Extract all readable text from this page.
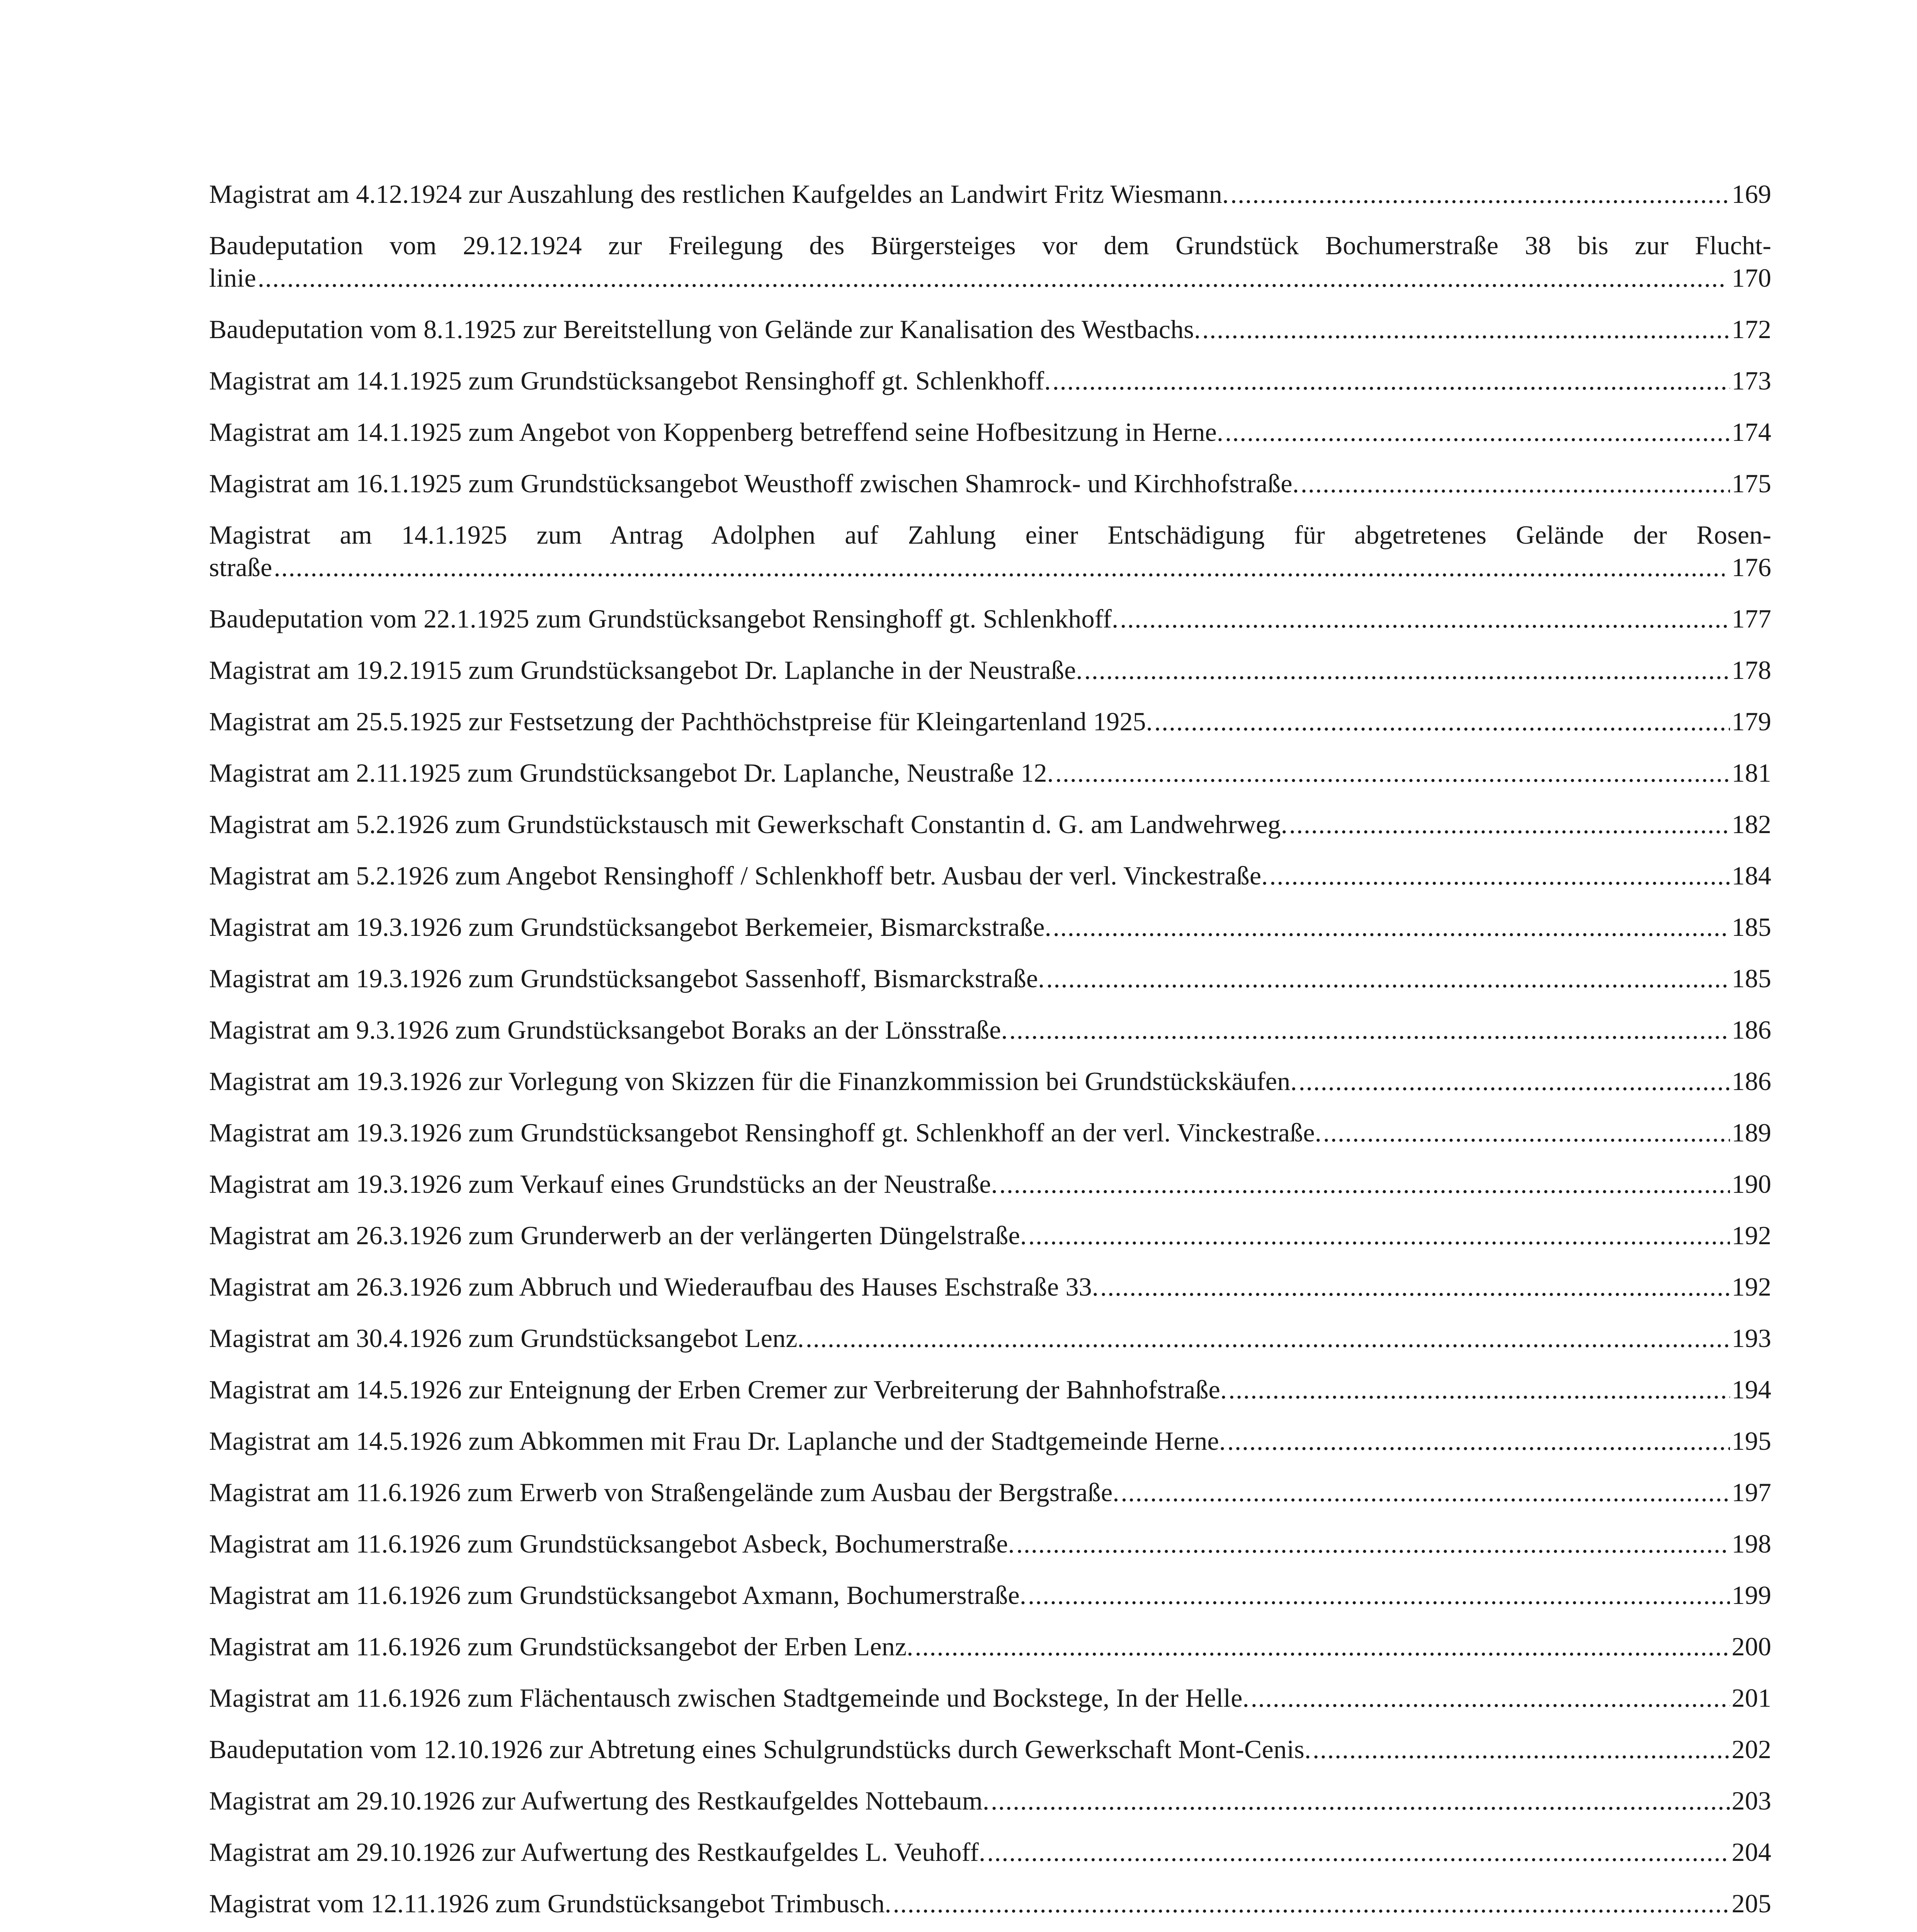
Magistrat am 4.12.1924 zur Auszahlung des restlichen Kaufgeldes an Landwirt Fritz Wiesmann. .....	169
Baudeputation vom 29.12.1924 zur Freilegung des Bürgersteiges vor dem Grundstück Bochumerstraße 38 bis zur Flucht-
linie .....	170
Baudeputation vom 8.1.1925 zur Bereitstellung von Gelände zur Kanalisation des Westbachs. .....	172
Magistrat am 14.1.1925 zum Grundstücksangebot Rensinghoff gt. Schlenkhoff. .....	173
Magistrat am 14.1.1925 zum Angebot von Koppenberg betreffend seine Hofbesitzung in Herne. .....	174
Magistrat am 16.1.1925 zum Grundstücksangebot Weusthoff zwischen Shamrock- und Kirchhofstraße. .....	175
Magistrat am 14.1.1925 zum Antrag Adolphen auf Zahlung einer Entschädigung für abgetretenes Gelände der Rosen-
straße .....	176
Baudeputation vom 22.1.1925 zum Grundstücksangebot Rensinghoff gt. Schlenkhoff. .....	177
Magistrat am 19.2.1915 zum Grundstücksangebot Dr. Laplanche in der Neustraße. .....	178
Magistrat am 25.5.1925 zur Festsetzung der Pachthöchstpreise für Kleingartenland 1925. .....	179
Magistrat am 2.11.1925 zum Grundstücksangebot Dr. Laplanche, Neustraße 12. .....	181
Magistrat am 5.2.1926 zum Grundstückstausch mit Gewerkschaft Constantin d. G. am Landwehrweg. .....	182
Magistrat am 5.2.1926 zum Angebot Rensinghoff / Schlenkhoff betr. Ausbau der verl. Vinckestraße. .....	184
Magistrat am 19.3.1926 zum Grundstücksangebot Berkemeier, Bismarckstraße. .....	185
Magistrat am 19.3.1926 zum Grundstücksangebot Sassenhoff, Bismarckstraße. .....	185
Magistrat am 9.3.1926 zum Grundstücksangebot Boraks an der Lönsstraße. .....	186
Magistrat am 19.3.1926 zur Vorlegung von Skizzen für die Finanzkommission bei Grundstückskäufen. .....	186
Magistrat am 19.3.1926 zum Grundstücksangebot Rensinghoff gt. Schlenkhoff an der verl. Vinckestraße. .....	189
Magistrat am 19.3.1926 zum Verkauf eines Grundstücks an der Neustraße. .....	190
Magistrat am 26.3.1926 zum Grunderwerb an der verlängerten Düngelstraße. .....	192
Magistrat am 26.3.1926 zum Abbruch und Wiederaufbau des Hauses Eschstraße 33. .....	192
Magistrat am 30.4.1926 zum Grundstücksangebot Lenz. .....	193
Magistrat am 14.5.1926 zur Enteignung der Erben Cremer zur Verbreiterung der Bahnhofstraße. .....	194
Magistrat am 14.5.1926 zum Abkommen mit Frau Dr. Laplanche und der Stadtgemeinde Herne. .....	195
Magistrat am 11.6.1926 zum Erwerb von Straßengelände zum Ausbau der Bergstraße. .....	197
Magistrat am 11.6.1926 zum Grundstücksangebot Asbeck, Bochumerstraße. .....	198
Magistrat am 11.6.1926 zum Grundstücksangebot Axmann, Bochumerstraße. .....	199
Magistrat am 11.6.1926 zum Grundstücksangebot der Erben Lenz. .....	200
Magistrat am 11.6.1926 zum Flächentausch zwischen Stadtgemeinde und Bockstege, In der Helle. .....	201
Baudeputation vom 12.10.1926 zur Abtretung eines Schulgrundstücks durch Gewerkschaft Mont-Cenis. .....	202
Magistrat am 29.10.1926 zur Aufwertung des Restkaufgeldes Nottebaum. .....	203
Magistrat am 29.10.1926 zur Aufwertung des Restkaufgeldes L. Veuhoff. .....	204
Magistrat vom 12.11.1926 zum Grundstücksangebot Trimbusch. .....	205
